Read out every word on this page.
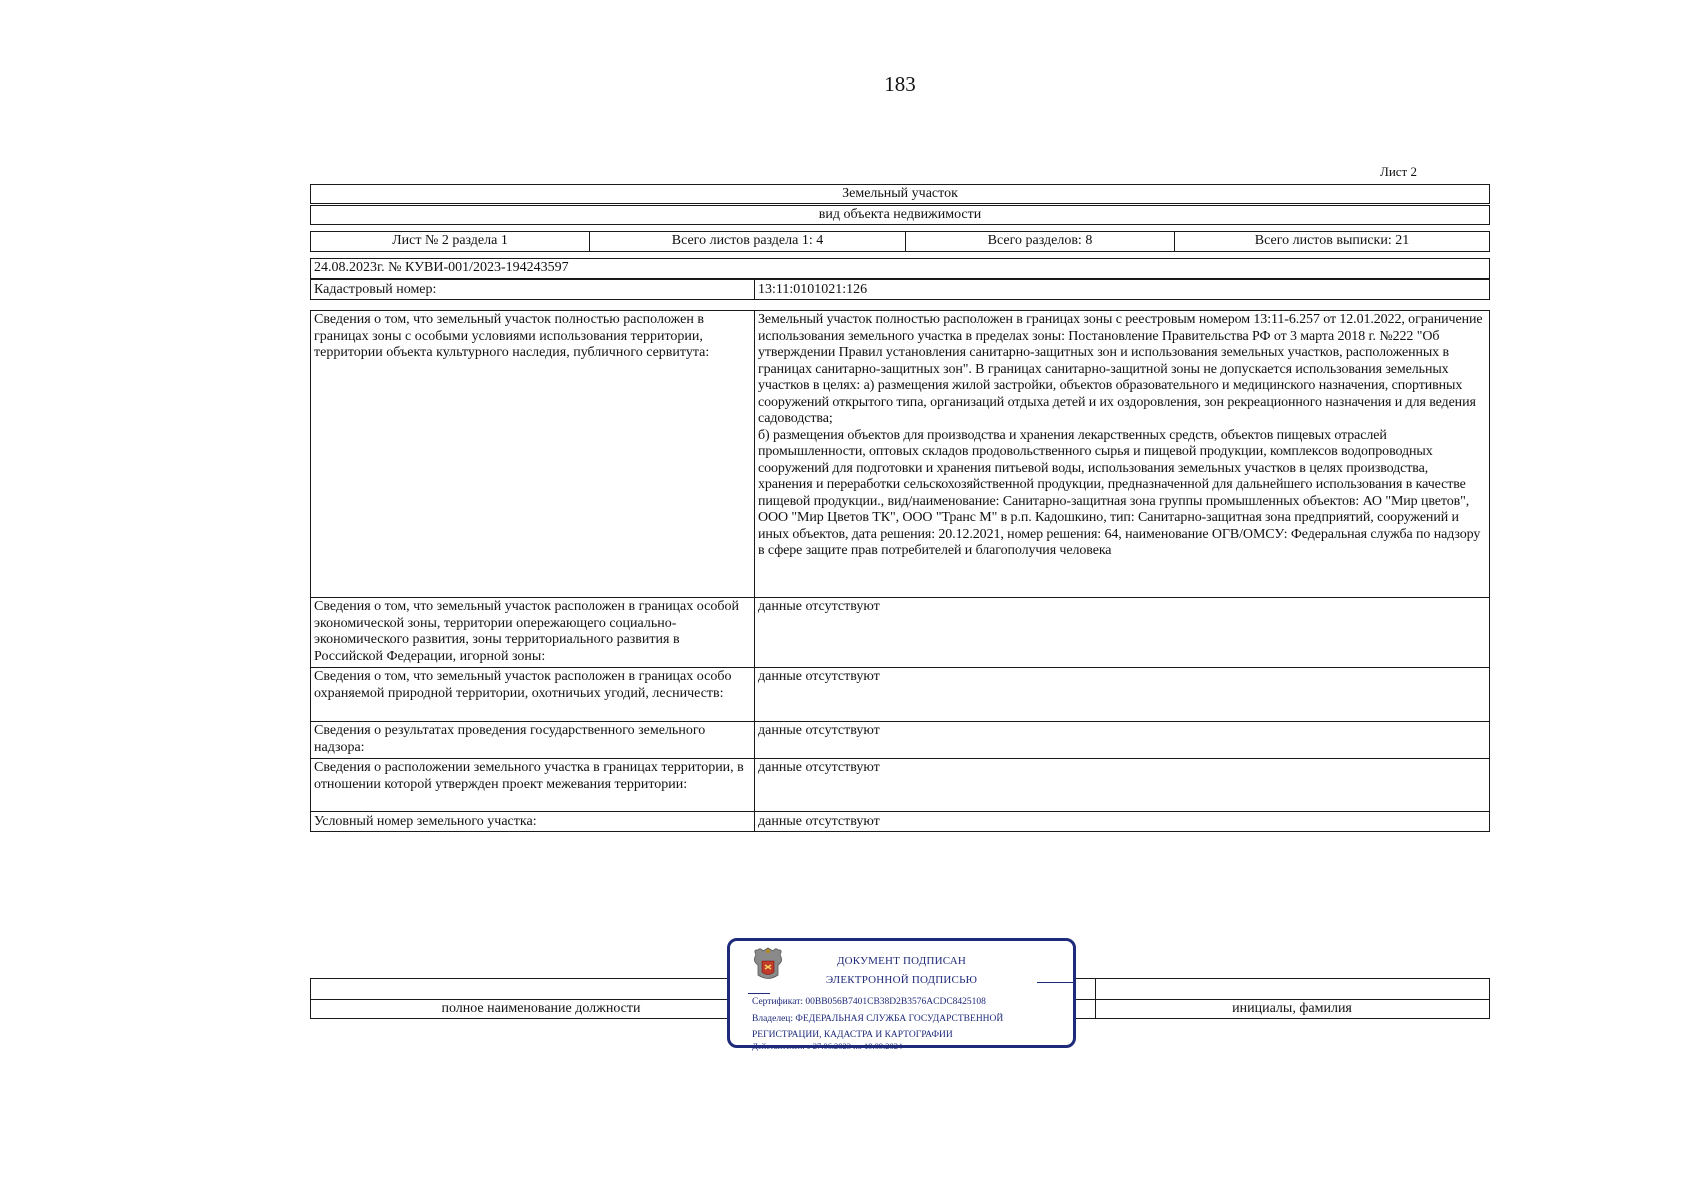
183
Лист 2
Земельный участок
вид объекта недвижимости
Лист № 2 раздела 1	Всего листов раздела 1: 4	Всего разделов: 8	Всего листов выписки: 21
24.08.2023г. № КУВИ-001/2023-194243597
Кадастровый номер:	13:11:0101021:126
Сведения о том, что земельный участок полностью расположен в границах зоны с особыми условиями использования территории, территории объекта культурного наследия, публичного сервитута:
Земельный участок полностью расположен в границах зоны с реестровым номером 13:11-6.257 от 12.01.2022, ограничение использования земельного участка в пределах зоны: Постановление Правительства РФ от 3 марта 2018 г. №222 "Об утверждении Правил установления санитарно-защитных зон и использования земельных участков, расположенных в границах санитарно-защитных зон". В границах санитарно-защитной зоны не допускается использования земельных участков в целях: а) размещения жилой застройки, объектов образовательного и медицинского назначения, спортивных сооружений открытого типа, организаций отдыха детей и их оздоровления, зон рекреационного назначения и для ведения садоводства;
б) размещения объектов для производства и хранения лекарственных средств, объектов пищевых отраслей промышленности, оптовых складов продовольственного сырья и пищевой продукции, комплексов водопроводных сооружений для подготовки и хранения питьевой воды, использования земельных участков в целях производства, хранения и переработки сельскохозяйственной продукции, предназначенной для дальнейшего использования в качестве пищевой продукции., вид/наименование: Санитарно-защитная зона группы промышленных объектов: АО "Мир цветов", ООО "Мир Цветов ТК", ООО "Транс М" в р.п. Кадошкино, тип: Санитарно-защитная зона предприятий, сооружений и иных объектов, дата решения: 20.12.2021, номер решения: 64, наименование ОГВ/ОМСУ: Федеральная служба по надзору в сфере защите прав потребителей и благополучия человека
Сведения о том, что земельный участок расположен в границах особой экономической зоны, территории опережающего социально-экономического развития, зоны территориального развития в Российской Федерации, игорной зоны:
данные отсутствуют
Сведения о том, что земельный участок расположен в границах особо охраняемой природной территории, охотничьих угодий, лесничеств:
данные отсутствуют
Сведения о результатах проведения государственного земельного надзора:
данные отсутствуют
Сведения о расположении земельного участка в границах территории, в отношении которой утвержден проект межевания территории:
данные отсутствуют
Условный номер земельного участка:	данные отсутствуют
полное наименование должности	инициалы, фамилия
ДОКУМЕНТ ПОДПИСАН
ЭЛЕКТРОННОЙ ПОДПИСЬЮ
Сертификат: 00BB056B7401CB38D2B3576ACDC8425108
Владелец: ФЕДЕРАЛЬНАЯ СЛУЖБА ГОСУДАРСТВЕННОЙ
РЕГИСТРАЦИИ, КАДАСТРА И КАРТОГРАФИИ
Действителен: с 27.06.2023 по 19.09.2024
